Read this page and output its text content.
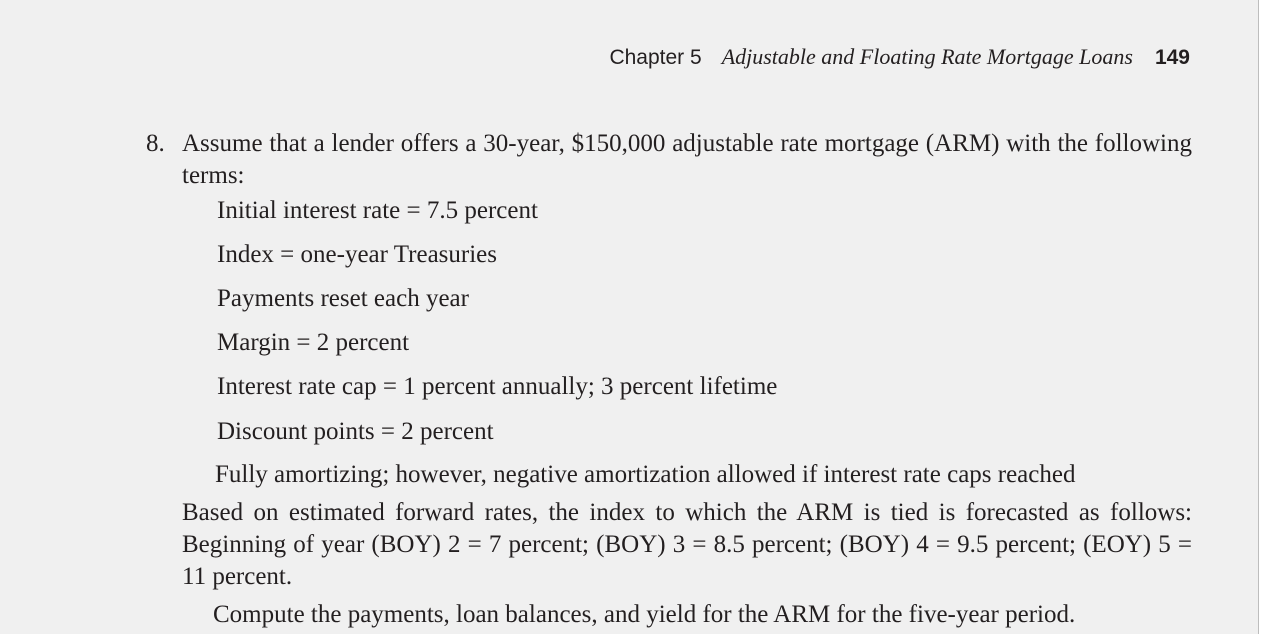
Chapter 5 Adjustable and Floating Rate Mortgage Loans 149
8. Assume that a lender offers a 30-year, $150,000 adjustable rate mortgage (ARM) with the following terms:
Initial interest rate = 7.5 percent
Index = one-year Treasuries
Payments reset each year
Margin = 2 percent
Interest rate cap = 1 percent annually; 3 percent lifetime
Discount points = 2 percent
Fully amortizing; however, negative amortization allowed if interest rate caps reached
Based on estimated forward rates, the index to which the ARM is tied is forecasted as follows: Beginning of year (BOY) 2 = 7 percent; (BOY) 3 = 8.5 percent; (BOY) 4 = 9.5 percent; (EOY) 5 = 11 percent.
Compute the payments, loan balances, and yield for the ARM for the five-year period.
